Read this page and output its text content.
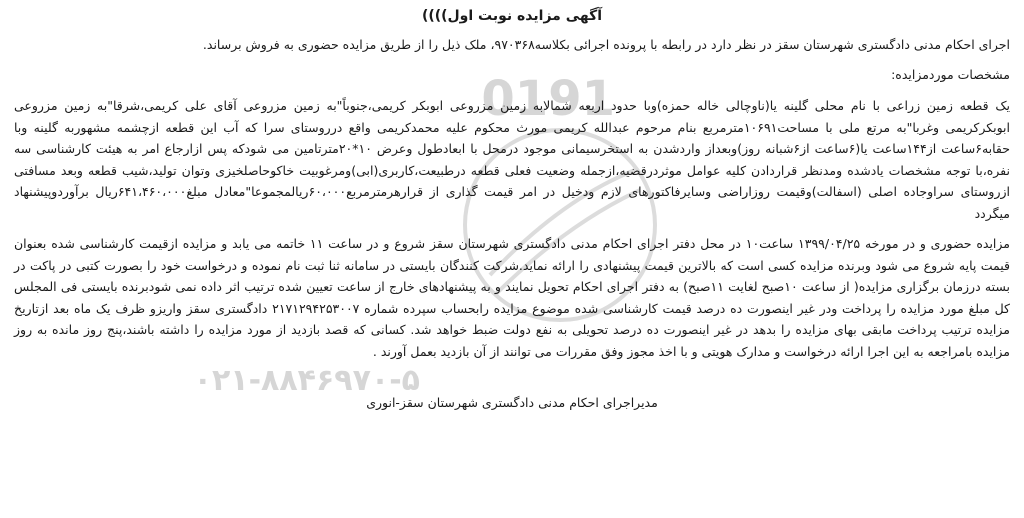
0191
۰۲۱-۸۸۴۶۹۷۰-۵
آگهی مزایده نوبت اول))))

اجرای احکام مدنی دادگستری شهرستان سقز در نظر دارد در رابطه با پرونده اجرائی بکلاسه۹۷۰۳۶۸، ملک ذیل را از طریق مزایده حضوری به فروش برساند.

مشخصات موردمزایده:

یک قطعه زمین زراعی با نام محلی گلینه یا(ناوچالی خاله حمزه)وبا حدود اربعه شمالابه زمین مزروعی ابوبکر کریمی،جنوباً"به زمین مزروعی آقای علی کریمی،شرقا"به زمین مزروعی ابوبکرکریمی وغربا"به مرتع ملی با مساحت۱۰۶۹۱مترمربع بنام مرحوم عبدالله کریمی مورث محکوم علیه محمدکریمی واقع درروستای سرا که آب این قطعه ازچشمه مشهوربه گلینه وبا حقابه۶ساعت از۱۴۴ساعت یا(۶ساعت از۶شبانه روز)وبعداز واردشدن به استخرسیمانی موجود درمحل با ابعادطول وعرض ۱۰*۲۰مترتامین می شودکه پس ازارجاع امر به هیئت کارشناسی سه نفره،با توجه مشخصات یادشده ومدنظر قراردادن کلیه عوامل موثردرقضیه،ازجمله وضعیت فعلی قطعه درطبیعت،کاربری(ابی)ومرغوبیت خاکوحاصلخیزی وتوان تولید،شیب قطعه وبعد مسافتی ازروستای سراوجاده اصلی (اسفالت)وقیمت روزاراضی وسایرفاکتورهای لازم ودخیل در امر قیمت گذاری از قرارهرمترمربع۶۰،۰۰۰ریالمجموعا"معادل مبلغ۶۴۱،۴۶۰،۰۰۰ریال برآوردوپیشنهاد میگردد

مزایده حضوری و در مورخه ۱۳۹۹/۰۴/۲۵ ساعت۱۰ در محل دفتر اجرای احکام مدنی دادگستری شهرستان سقز شروع و در ساعت ۱۱ خاتمه می یابد و مزایده ازقیمت کارشناسی شده بعنوان قیمت پایه شروع می شود وبرنده مزایده کسی است که بالاترین قیمت پیشنهادی را ارائه نماید.شرکت کنندگان بایستی در سامانه ثنا ثبت نام نموده و درخواست خود را بصورت کتبی در پاکت در بسته درزمان برگزاری مزایده( از ساعت ۱۰صبح لغایت ۱۱صبح) به دفتر اجرای احکام تحویل نمایند و به پیشنهادهای خارج از ساعت تعیین شده ترتیب اثر داده نمی شودبرنده بایستی فی المجلس کل مبلغ مورد مزایده را پرداخت ودر غیر اینصورت ده درصد قیمت کارشناسی شده موضوع مزایده رابحساب سپرده شماره ۲۱۷۱۲۹۴۲۵۳۰۰۷ دادگستری سقز واریزو ظرف یک ماه بعد ازتاریخ مزایده ترتیب پرداخت مابقی بهای مزایده را بدهد در غیر اینصورت ده درصد تحویلی به نفع دولت ضبط خواهد شد. کسانی که قصد بازدید از مورد مزایده را داشته باشند،پنج روز مانده به روز مزایده بامراجعه به این اجرا ارائه درخواست و مدارک هویتی و با اخذ مجوز وفق مقررات می توانند از آن بازدید بعمل آورند .

مدیراجرای احکام مدنی دادگستری شهرستان سقز-انوری
